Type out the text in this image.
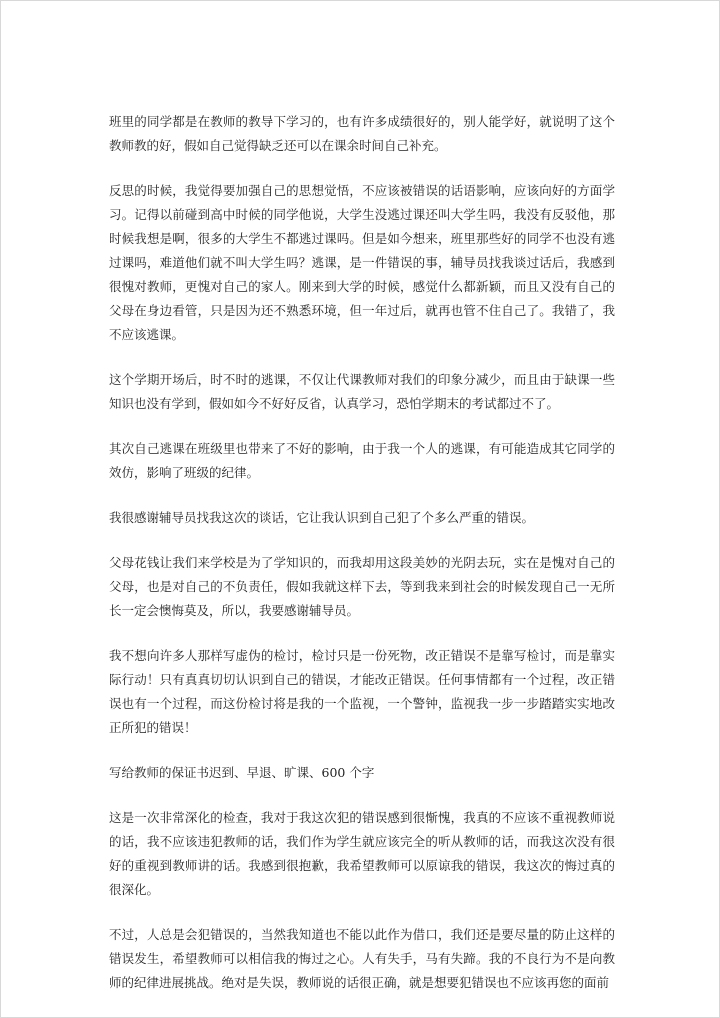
班里的同学都是在教师的教导下学习的，也有许多成绩很好的，别人能学好，就说明了这个教师教的好，假如自己觉得缺乏还可以在课余时间自己补充。

反思的时候，我觉得要加强自己的思想觉悟，不应该被错误的话语影响，应该向好的方面学习。记得以前碰到高中时候的同学他说，大学生没逃过课还叫大学生吗，我没有反驳他，那时候我想是啊，很多的大学生不都逃过课吗。但是如今想来，班里那些好的同学不也没有逃过课吗，难道他们就不叫大学生吗？逃课，是一件错误的事，辅导员找我谈过话后，我感到很愧对教师，更愧对自己的家人。刚来到大学的时候，感觉什么都新颖，而且又没有自己的父母在身边看管，只是因为还不熟悉环境，但一年过后，就再也管不住自己了。我错了，我不应该逃课。

这个学期开场后，时不时的逃课，不仅让代课教师对我们的印象分减少，而且由于缺课一些知识也没有学到，假如如今不好好反省，认真学习，恐怕学期末的考试都过不了。

其次自己逃课在班级里也带来了不好的影响，由于我一个人的逃课，有可能造成其它同学的效仿，影响了班级的纪律。

我很感谢辅导员找我这次的谈话，它让我认识到自己犯了个多么严重的错误。

父母花钱让我们来学校是为了学知识的，而我却用这段美妙的光阴去玩，实在是愧对自己的父母，也是对自己的不负责任，假如我就这样下去，等到我来到社会的时候发现自己一无所长一定会懊悔莫及，所以，我要感谢辅导员。

我不想向许多人那样写虚伪的检讨，检讨只是一份死物，改正错误不是靠写检讨，而是靠实际行动！只有真真切切认识到自己的错误，才能改正错误。任何事情都有一个过程，改正错误也有一个过程，而这份检讨将是我的一个监视，一个警钟，监视我一步一步踏踏实实地改正所犯的错误！

写给教师的保证书迟到、早退、旷课、600 个字

这是一次非常深化的检查，我对于我这次犯的错误感到很惭愧，我真的不应该不重视教师说的话，我不应该违犯教师的话，我们作为学生就应该完全的听从教师的话，而我这次没有很好的重视到教师讲的话。我感到很抱歉，我希望教师可以原谅我的错误，我这次的悔过真的很深化。

不过，人总是会犯错误的，当然我知道也不能以此作为借口，我们还是要尽量的防止这样的错误发生，希望教师可以相信我的悔过之心。人有失手，马有失蹄。我的不良行为不是向教师的纪律进展挑战。绝对是失误，教师说的话很正确，就是想要犯错误也不应该再您的面前
